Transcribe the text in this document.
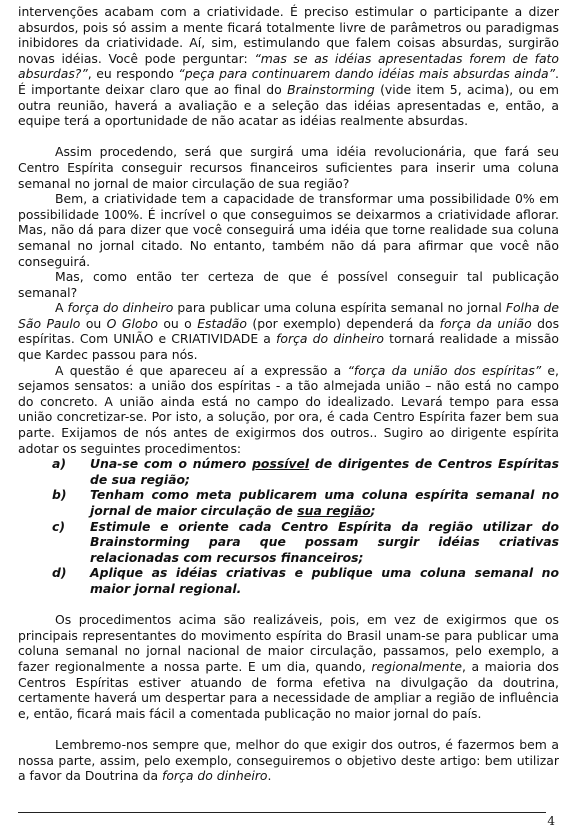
intervenções acabam com a criatividade. É preciso estimular o participante a dizer absurdos, pois só assim a mente ficará totalmente livre de parâmetros ou paradigmas inibidores da criatividade. Aí, sim, estimulando que falem coisas absurdas, surgirão novas idéias. Você pode perguntar: “mas se as idéias apresentadas forem de fato absurdas?”, eu respondo “peça para continuarem dando idéias mais absurdas ainda”. É importante deixar claro que ao final do Brainstorming (vide item 5, acima), ou em outra reunião, haverá a avaliação e a seleção das idéias apresentadas e, então, a equipe terá a oportunidade de não acatar as idéias realmente absurdas.

Assim procedendo, será que surgirá uma idéia revolucionária, que fará seu Centro Espírita conseguir recursos financeiros suficientes para inserir uma coluna semanal no jornal de maior circulação de sua região?

Bem, a criatividade tem a capacidade de transformar uma possibilidade 0% em possibilidade 100%. É incrível o que conseguimos se deixarmos a criatividade aflorar. Mas, não dá para dizer que você conseguirá uma idéia que torne realidade sua coluna semanal no jornal citado. No entanto, também não dá para afirmar que você não conseguirá.

Mas, como então ter certeza de que é possível conseguir tal publicação semanal?

A força do dinheiro para publicar uma coluna espírita semanal no jornal Folha de São Paulo ou O Globo ou o Estadão (por exemplo) dependerá da força da união dos espíritas. Com UNIÃO e CRIATIVIDADE a força do dinheiro tornará realidade a missão que Kardec passou para nós.

A questão é que apareceu aí a expressão a “força da união dos espíritas” e, sejamos sensatos: a união dos espíritas - a tão almejada união – não está no campo do concreto. A união ainda está no campo do idealizado. Levará tempo para essa união concretizar-se. Por isto, a solução, por ora, é cada Centro Espírita fazer bem sua parte. Exijamos de nós antes de exigirmos dos outros.. Sugiro ao dirigente espírita adotar os seguintes procedimentos:

a) Una-se com o número possível de dirigentes de Centros Espíritas de sua região;
b) Tenham como meta publicarem uma coluna espírita semanal no jornal de maior circulação de sua região;
c) Estimule e oriente cada Centro Espírita da região utilizar do Brainstorming para que possam surgir idéias criativas relacionadas com recursos financeiros;
d) Aplique as idéias criativas e publique uma coluna semanal no maior jornal regional.

Os procedimentos acima são realizáveis, pois, em vez de exigirmos que os principais representantes do movimento espírita do Brasil unam-se para publicar uma coluna semanal no jornal nacional de maior circulação, passamos, pelo exemplo, a fazer regionalmente a nossa parte. E um dia, quando, regionalmente, a maioria dos Centros Espíritas estiver atuando de forma efetiva na divulgação da doutrina, certamente haverá um despertar para a necessidade de ampliar a região de influência e, então, ficará mais fácil a comentada publicação no maior jornal do país.

Lembremo-nos sempre que, melhor do que exigir dos outros, é fazermos bem a nossa parte, assim, pelo exemplo, conseguiremos o objetivo deste artigo: bem utilizar a favor da Doutrina da força do dinheiro.

4
